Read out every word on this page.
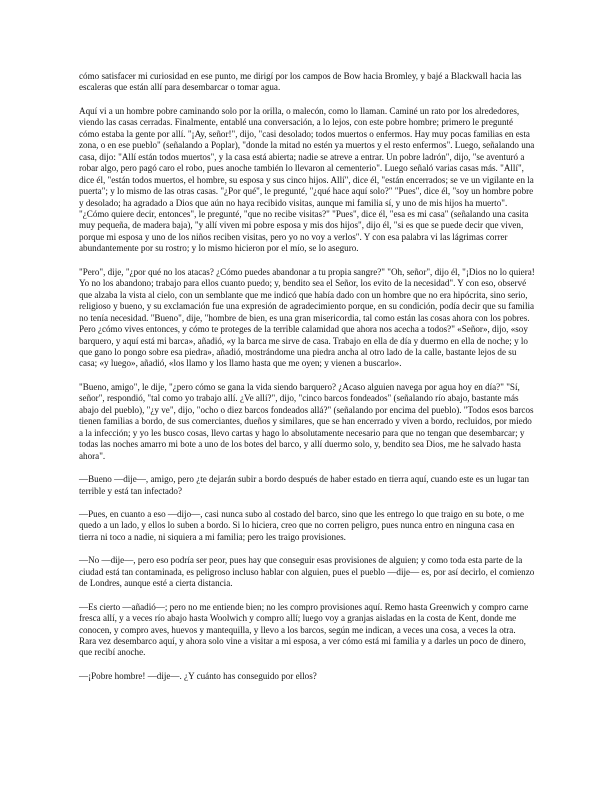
cómo satisfacer mi curiosidad en ese punto, me dirigí por los campos de Bow hacia Bromley, y bajé a Blackwall hacia las escaleras que están allí para desembarcar o tomar agua.

Aquí vi a un hombre pobre caminando solo por la orilla, o malecón, como lo llaman. Caminé un rato por los alrededores, viendo las casas cerradas. Finalmente, entablé una conversación, a lo lejos, con este pobre hombre; primero le pregunté cómo estaba la gente por allí. "¡Ay, señor!", dijo, "casi desolado; todos muertos o enfermos. Hay muy pocas familias en esta zona, o en ese pueblo" (señalando a Poplar), "donde la mitad no estén ya muertos y el resto enfermos". Luego, señalando una casa, dijo: "Allí están todos muertos", y la casa está abierta; nadie se atreve a entrar. Un pobre ladrón", dijo, "se aventuró a robar algo, pero pagó caro el robo, pues anoche también lo llevaron al cementerio". Luego señaló varias casas más. "Allí", dice él, "están todos muertos, el hombre, su esposa y sus cinco hijos. Allí", dice él, "están encerrados; se ve un vigilante en la puerta"; y lo mismo de las otras casas. "¿Por qué", le pregunté, "¿qué hace aquí solo?" "Pues", dice él, "soy un hombre pobre y desolado; ha agradado a Dios que aún no haya recibido visitas, aunque mi familia sí, y uno de mis hijos ha muerto". "¿Cómo quiere decir, entonces", le pregunté, "que no recibe visitas?" "Pues", dice él, "esa es mi casa" (señalando una casita muy pequeña, de madera baja), "y allí viven mi pobre esposa y mis dos hijos", dijo él, "si es que se puede decir que viven, porque mi esposa y uno de los niños reciben visitas, pero yo no voy a verlos". Y con esa palabra vi las lágrimas correr abundantemente por su rostro; y lo mismo hicieron por el mío, se lo aseguro.

"Pero", dije, "¿por qué no los atacas? ¿Cómo puedes abandonar a tu propia sangre?" "Oh, señor", dijo él, "¡Dios no lo quiera! Yo no los abandono; trabajo para ellos cuanto puedo; y, bendito sea el Señor, los evito de la necesidad". Y con eso, observé que alzaba la vista al cielo, con un semblante que me indicó que había dado con un hombre que no era hipócrita, sino serio, religioso y bueno, y su exclamación fue una expresión de agradecimiento porque, en su condición, podía decir que su familia no tenía necesidad. "Bueno", dije, "hombre de bien, es una gran misericordia, tal como están las cosas ahora con los pobres. Pero ¿cómo vives entonces, y cómo te proteges de la terrible calamidad que ahora nos acecha a todos?" «Señor», dijo, «soy barquero, y aquí está mi barca», añadió, «y la barca me sirve de casa. Trabajo en ella de día y duermo en ella de noche; y lo que gano lo pongo sobre esa piedra», añadió, mostrándome una piedra ancha al otro lado de la calle, bastante lejos de su casa; «y luego», añadió, «los llamo y los llamo hasta que me oyen; y vienen a buscarlo».

"Bueno, amigo", le dije, "¿pero cómo se gana la vida siendo barquero? ¿Acaso alguien navega por agua hoy en día?" "Sí, señor", respondió, "tal como yo trabajo allí. ¿Ve allí?", dijo, "cinco barcos fondeados" (señalando río abajo, bastante más abajo del pueblo), "¿y ve", dijo, "ocho o diez barcos fondeados allá?" (señalando por encima del pueblo). "Todos esos barcos tienen familias a bordo, de sus comerciantes, dueños y similares, que se han encerrado y viven a bordo, recluidos, por miedo a la infección; y yo les busco cosas, llevo cartas y hago lo absolutamente necesario para que no tengan que desembarcar; y todas las noches amarro mi bote a uno de los botes del barco, y allí duermo solo, y, bendito sea Dios, me he salvado hasta ahora".

—Bueno —dije—, amigo, pero ¿te dejarán subir a bordo después de haber estado en tierra aquí, cuando este es un lugar tan terrible y está tan infectado?

—Pues, en cuanto a eso —dijo—, casi nunca subo al costado del barco, sino que les entrego lo que traigo en su bote, o me quedo a un lado, y ellos lo suben a bordo. Si lo hiciera, creo que no corren peligro, pues nunca entro en ninguna casa en tierra ni toco a nadie, ni siquiera a mi familia; pero les traigo provisiones.

—No —dije—, pero eso podría ser peor, pues hay que conseguir esas provisiones de alguien; y como toda esta parte de la ciudad está tan contaminada, es peligroso incluso hablar con alguien, pues el pueblo —dije— es, por así decirlo, el comienzo de Londres, aunque esté a cierta distancia.

—Es cierto —añadió—; pero no me entiende bien; no les compro provisiones aquí. Remo hasta Greenwich y compro carne fresca allí, y a veces río abajo hasta Woolwich y compro allí; luego voy a granjas aisladas en la costa de Kent, donde me conocen, y compro aves, huevos y mantequilla, y llevo a los barcos, según me indican, a veces una cosa, a veces la otra. Rara vez desembarco aquí, y ahora solo vine a visitar a mi esposa, a ver cómo está mi familia y a darles un poco de dinero, que recibí anoche.

—¡Pobre hombre! —dije—. ¿Y cuánto has conseguido por ellos?
